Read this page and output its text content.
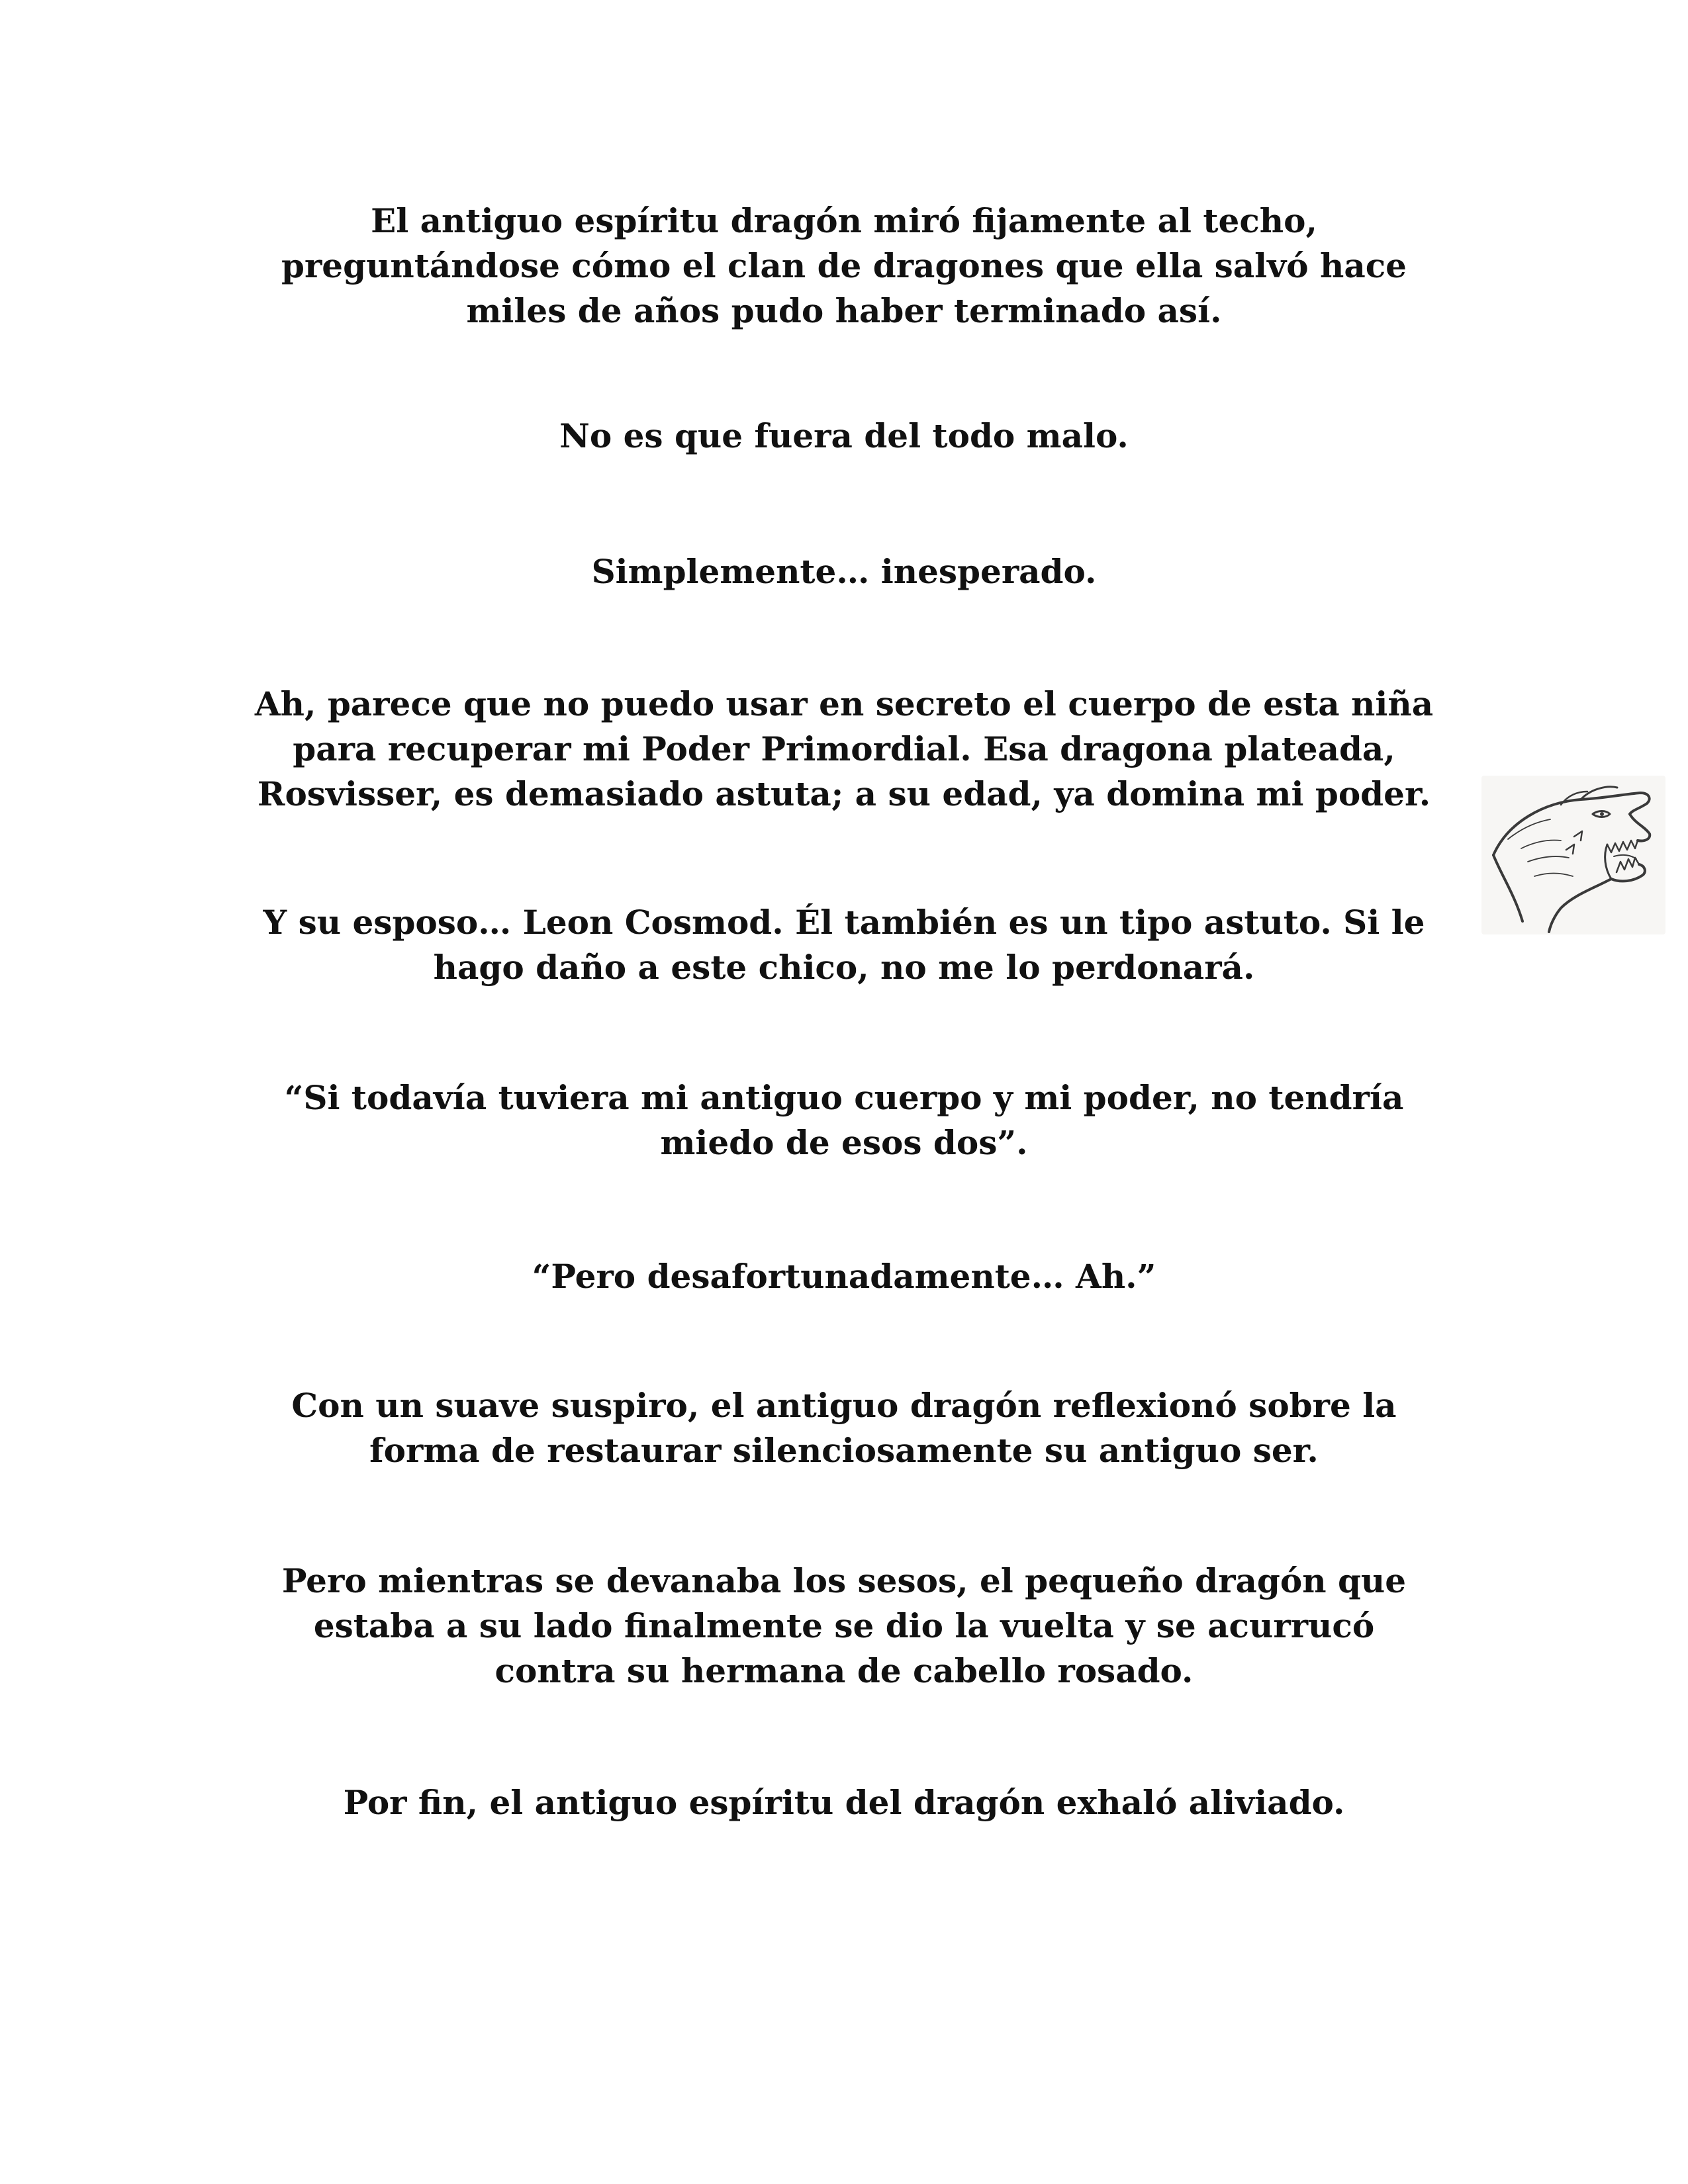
El antiguo espíritu dragón miró fijamente al techo,
preguntándose cómo el clan de dragones que ella salvó hace
miles de años pudo haber terminado así.

No es que fuera del todo malo.

Simplemente… inesperado.

Ah, parece que no puedo usar en secreto el cuerpo de esta niña
para recuperar mi Poder Primordial. Esa dragona plateada,
Rosvisser, es demasiado astuta; a su edad, ya domina mi poder.

Y su esposo… Leon Cosmod. Él también es un tipo astuto. Si le
hago daño a este chico, no me lo perdonará.

“Si todavía tuviera mi antiguo cuerpo y mi poder, no tendría
miedo de esos dos”.

“Pero desafortunadamente… Ah.”

Con un suave suspiro, el antiguo dragón reflexionó sobre la
forma de restaurar silenciosamente su antiguo ser.

Pero mientras se devanaba los sesos, el pequeño dragón que
estaba a su lado finalmente se dio la vuelta y se acurrucó
contra su hermana de cabello rosado.

Por fin, el antiguo espíritu del dragón exhaló aliviado.
